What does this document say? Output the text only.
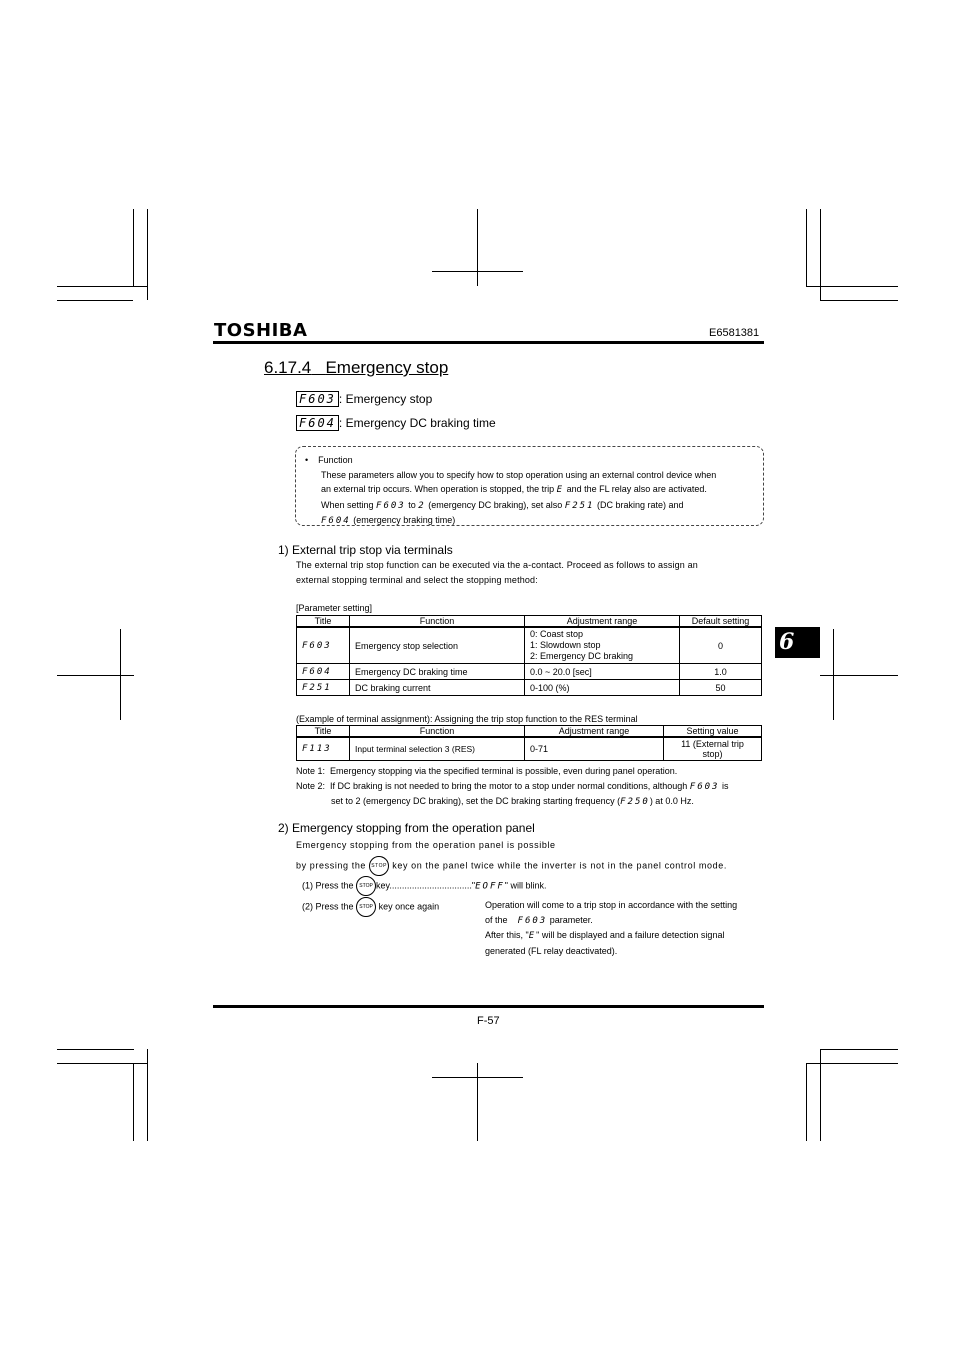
TOSHIBA	E6581381
6.17.4 Emergency stop
F603 : Emergency stop
F604 : Emergency DC braking time
• Function
These parameters allow you to specify how to stop operation using an external control device when
an external trip occurs. When operation is stopped, the trip E and the FL relay also are activated.
When setting F603 to 2 (emergency DC braking), set also F251 (DC braking rate) and
F604 (emergency braking time)
1) External trip stop via terminals
The external trip stop function can be executed via the a-contact. Proceed as follows to assign an
external stopping terminal and select the stopping method:
[Parameter setting]
Title	Function	Adjustment range	Default setting
F603	Emergency stop selection	0: Coast stop
1: Slowdown stop
2: Emergency DC braking	0
F604	Emergency DC braking time	0.0 ~ 20.0 [sec]	1.0
F251	DC braking current	0-100 (%)	50
(Example of terminal assignment): Assigning the trip stop function to the RES terminal
Title	Function	Adjustment range	Setting value
F113	Input terminal selection 3 (RES)	0-71	11 (External trip
stop)
Note 1: Emergency stopping via the specified terminal is possible, even during panel operation.
Note 2: If DC braking is not needed to bring the motor to a stop under normal conditions, although F603 is
set to 2 (emergency DC braking), set the DC braking starting frequency (F250) at 0.0 Hz.
2) Emergency stopping from the operation panel
Emergency stopping from the operation panel is possible
by pressing the STOP key on the panel twice while the inverter is not in the panel control mode.
(1) Press the STOP key................................."EOFF" will blink.
(2) Press the STOP key once again	Operation will come to a trip stop in accordance with the setting
of the F603 parameter.
After this, "E" will be displayed and a failure detection signal
generated (FL relay deactivated).
6
F-57
